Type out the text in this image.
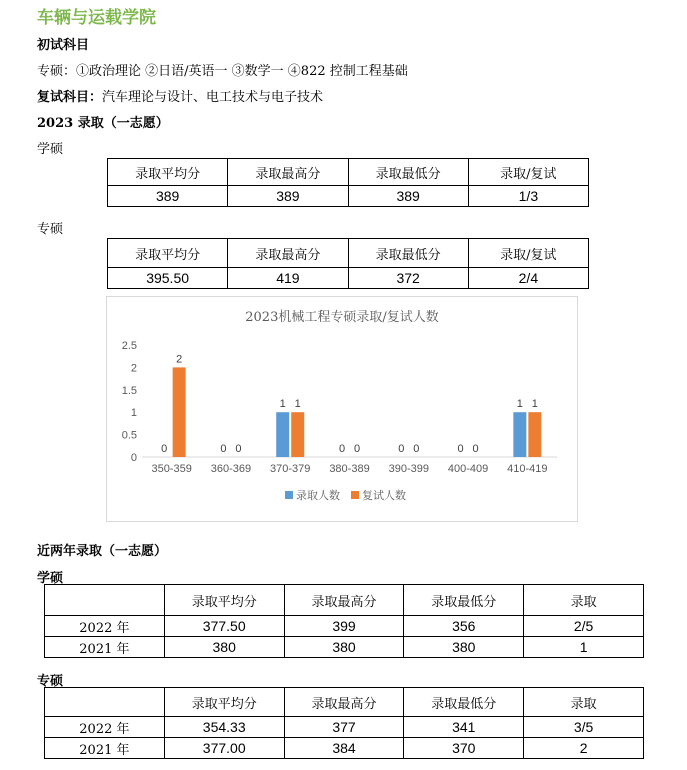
车辆与运载学院
初试科目
专硕：①政治理论 ②日语/英语一 ③数学一 ④822 控制工程基础
复试科目：汽车理论与设计、电工技术与电子技术
2023 录取（一志愿）
学硕
录取平均分	录取最高分	录取最低分	录取/复试
389	389	389	1/3
专硕
录取平均分	录取最高分	录取最低分	录取/复试
395.50	419	372	2/4
2023机械工程专硕录取/复试人数
0
0.5
1
1.5
2
2.5
0
2
350-359
0 0
360-369
1 1
370-379
0 0
380-389
0 0
390-399
0 0
400-409
1 1
410-419
录取人数 复试人数
近两年录取（一志愿）
学硕
	录取平均分	录取最高分	录取最低分	录取
2022 年	377.50	399	356	2/5
2021 年	380	380	380	1
专硕
	录取平均分	录取最高分	录取最低分	录取
2022 年	354.33	377	341	3/5
2021 年	377.00	384	370	2
